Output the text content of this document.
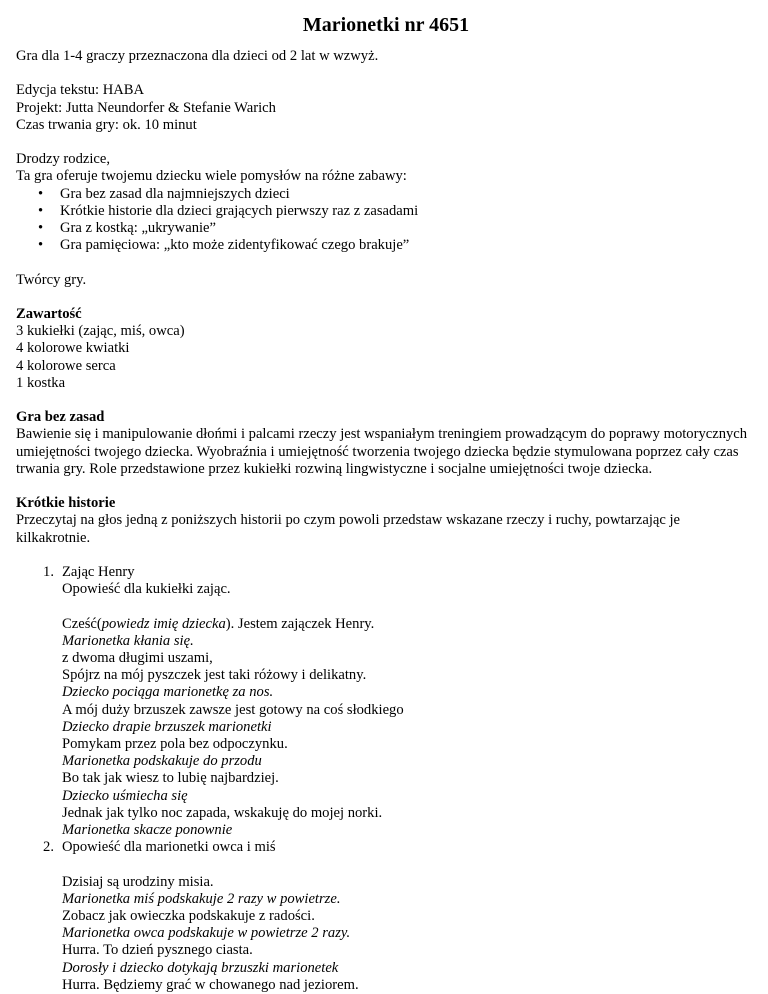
Marionetki nr 4651

Gra dla 1-4 graczy przeznaczona dla dzieci od 2 lat w wzwyż.

Edycja tekstu: HABA

Projekt: Jutta Neundorfer & Stefanie Warich

Czas trwania gry: ok. 10 minut

Drodzy rodzice,

Ta gra oferuje twojemu dziecku wiele pomysłów na różne zabawy:

• Gra bez zasad dla najmniejszych dzieci
• Krótkie historie dla dzieci grających pierwszy raz z zasadami
• Gra z kostką: „ukrywanie”
• Gra pamięciowa: „kto może zidentyfikować czego brakuje”

Twórcy gry.

Zawartość

3 kukiełki (zając, miś, owca)

4 kolorowe kwiatki

4 kolorowe serca

1 kostka

Gra bez zasad

Bawienie się i manipulowanie dłońmi i palcami rzeczy jest wspaniałym treningiem prowadzącym do poprawy motorycznych umiejętności twojego dziecka. Wyobraźnia i umiejętność tworzenia twojego dziecka będzie stymulowana poprzez cały czas trwania gry. Role przedstawione przez kukiełki rozwiną lingwistyczne i socjalne umiejętności twoje dziecka.

Krótkie historie

Przeczytaj na głos jedną z poniższych historii po czym powoli przedstaw wskazane rzeczy i ruchy, powtarzając je kilkakrotnie.

1. Zając Henry
Opowieść dla kukiełki zając.
Cześć(powiedz imię dziecka). Jestem zajączek Henry.
Marionetka kłania się.
z dwoma długimi uszami,
Spójrz na mój pyszczek jest taki różowy i delikatny.
Dziecko pociąga marionetkę za nos.
A mój duży brzuszek zawsze jest gotowy na coś słodkiego
Dziecko drapie brzuszek marionetki
Pomykam przez pola bez odpoczynku.
Marionetka podskakuje do przodu
Bo tak jak wiesz to lubię najbardziej.
Dziecko uśmiecha się
Jednak jak tylko noc zapada, wskakuję do mojej norki.
Marionetka skacze ponownie
2. Opowieść dla marionetki owca i miś
Dzisiaj są urodziny misia.
Marionetka miś podskakuje 2 razy w powietrze.
Zobacz jak owieczka podskakuje z radości.
Marionetka owca podskakuje w powietrze 2 razy.
Hurra. To dzień pysznego ciasta.
Dorosły i dziecko dotykają brzuszki marionetek
Hurra. Będziemy grać w chowanego nad jeziorem.
